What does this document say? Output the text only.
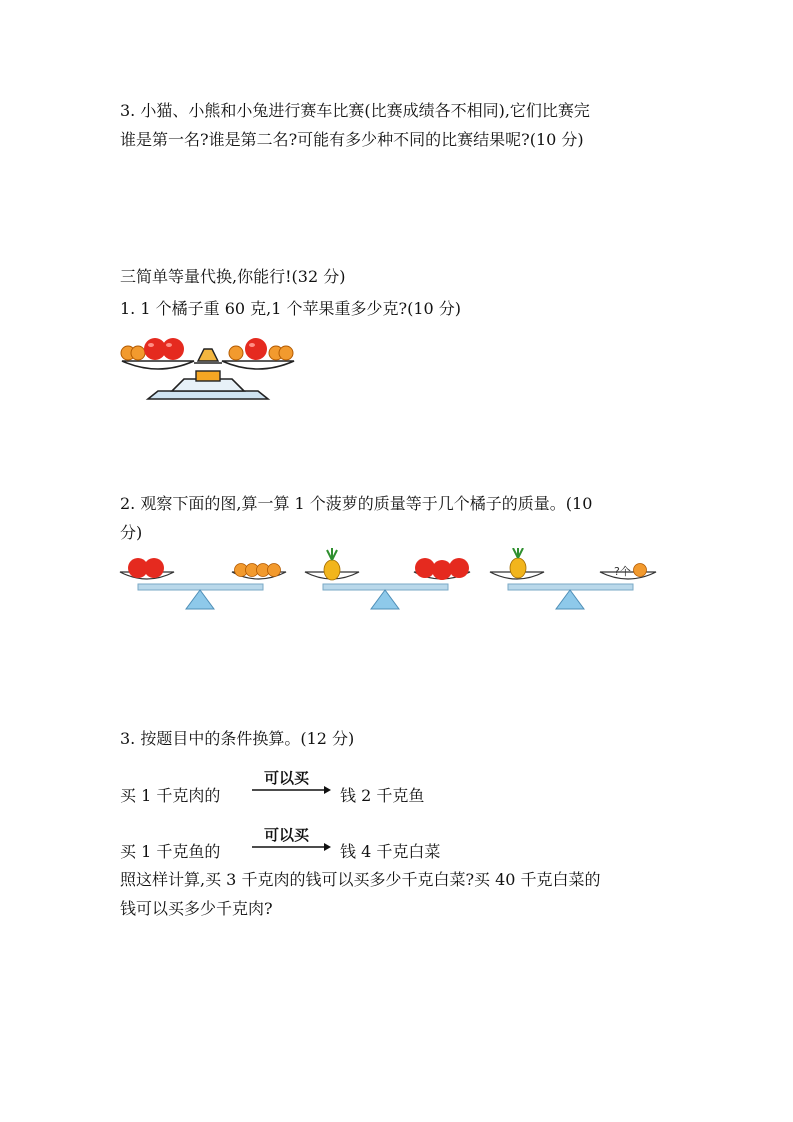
3. 小猫、小熊和小兔进行赛车比赛(比赛成绩各不相同),它们比赛完

谁是第一名?谁是第二名?可能有多少种不同的比赛结果呢?(10 分)

三简单等量代换,你能行!(32 分)

1. 1 个橘子重 60 克,1 个苹果重多少克?(10 分)

2. 观察下面的图,算一算 1 个菠萝的质量等于几个橘子的质量。(10

分)

?个

3. 按题目中的条件换算。(12 分)

可以买

买 1 千克肉的	钱 2 千克鱼

可以买

买 1 千克鱼的	钱 4 千克白菜

照这样计算,买 3 千克肉的钱可以买多少千克白菜?买 40 千克白菜的

钱可以买多少千克肉?
